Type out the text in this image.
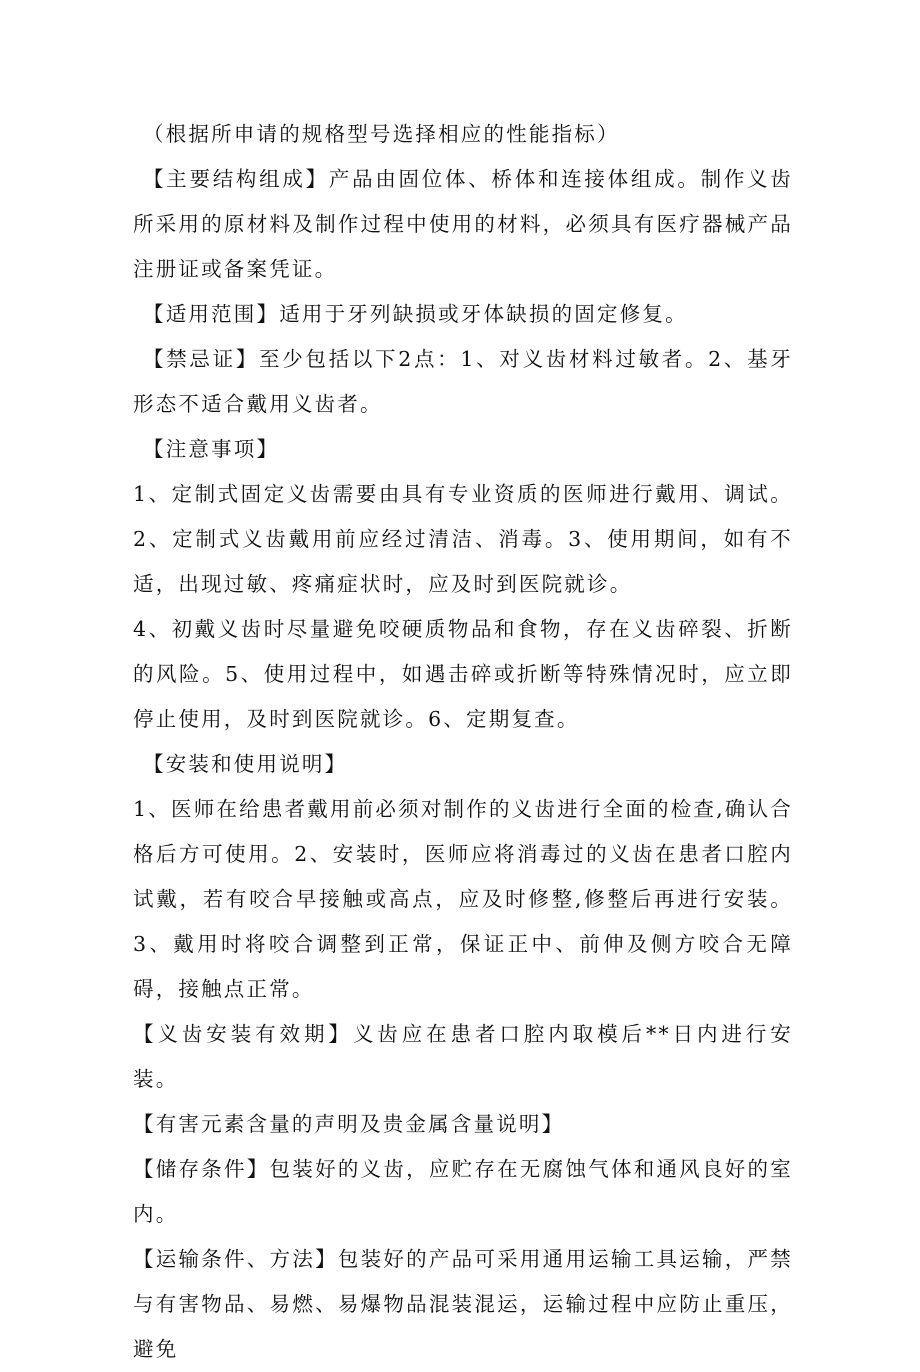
（根据所申请的规格型号选择相应的性能指标）

【主要结构组成】产品由固位体、桥体和连接体组成。制作义齿所采用的原材料及制作过程中使用的材料，必须具有医疗器械产品注册证或备案凭证。

【适用范围】适用于牙列缺损或牙体缺损的固定修复。

【禁忌证】至少包括以下2点：1、对义齿材料过敏者。2、基牙形态不适合戴用义齿者。

【注意事项】

1、定制式固定义齿需要由具有专业资质的医师进行戴用、调试。2、定制式义齿戴用前应经过清洁、消毒。3、使用期间，如有不适，出现过敏、疼痛症状时，应及时到医院就诊。

4、初戴义齿时尽量避免咬硬质物品和食物，存在义齿碎裂、折断的风险。5、使用过程中，如遇击碎或折断等特殊情况时，应立即停止使用，及时到医院就诊。6、定期复查。

【安装和使用说明】

1、医师在给患者戴用前必须对制作的义齿进行全面的检查,确认合格后方可使用。2、安装时，医师应将消毒过的义齿在患者口腔内试戴，若有咬合早接触或高点，应及时修整,修整后再进行安装。3、戴用时将咬合调整到正常，保证正中、前伸及侧方咬合无障碍，接触点正常。

【义齿安装有效期】义齿应在患者口腔内取模后**日内进行安装。

【有害元素含量的声明及贵金属含量说明】

【储存条件】包装好的义齿，应贮存在无腐蚀气体和通风良好的室内。

【运输条件、方法】包装好的产品可采用通用运输工具运输，严禁与有害物品、易燃、易爆物品混装混运，运输过程中应防止重压，避免
